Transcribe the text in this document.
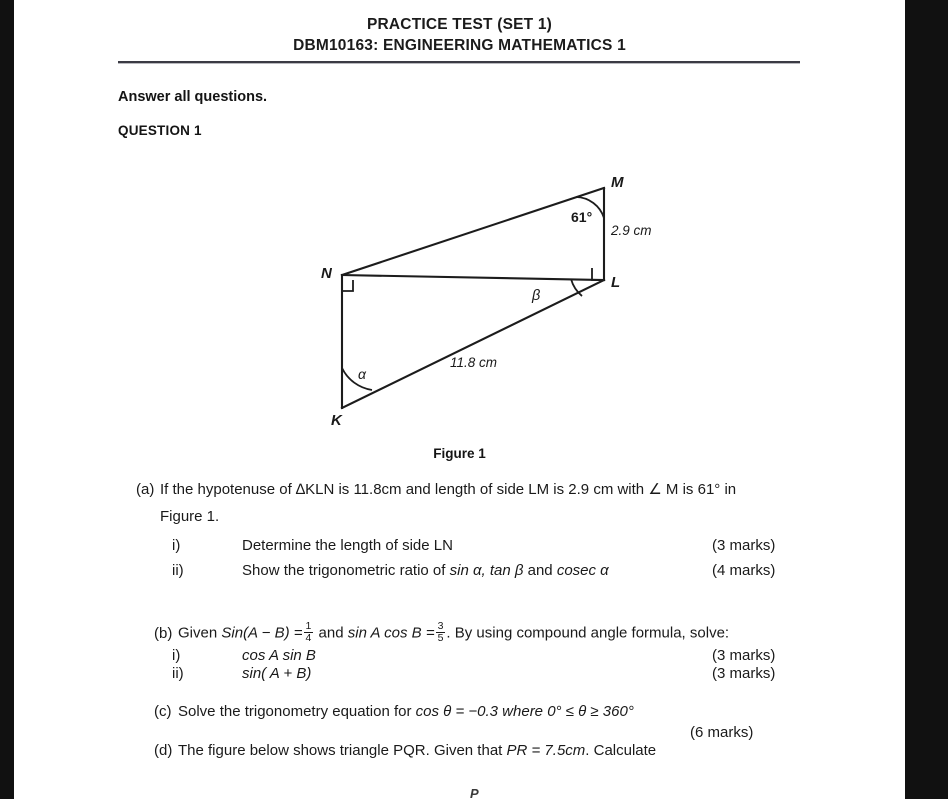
PRACTICE TEST (SET 1)
DBM10163: ENGINEERING MATHEMATICS 1
Answer all questions.
QUESTION 1
M
L
N
K
61°
2.9 cm
11.8 cm
α
β
Figure 1
(a) If the hypotenuse of ∆KLN is 11.8cm and length of side LM is 2.9 cm with ∠ M is 61° in
Figure 1.
i)	Determine the length of side LN	(3 marks)
ii)	Show the trigonometric ratio of sin α, tan β and cosec α	(4 marks)
(b) Given $Sin(A - B) = \frac{1}{4}$ and sin A $\cos B = \frac{3}{5}$ . By using compound angle formula, solve:
i)	cos A sin B	(3 marks)
ii)	sin( A + B)	(3 marks)
(c) Solve the trigonometry equation for cos θ = −0.3 where 0° ≤ θ ≥ 360°
(6 marks)
(d) The figure below shows triangle PQR. Given that PR = 7.5cm. Calculate
P
